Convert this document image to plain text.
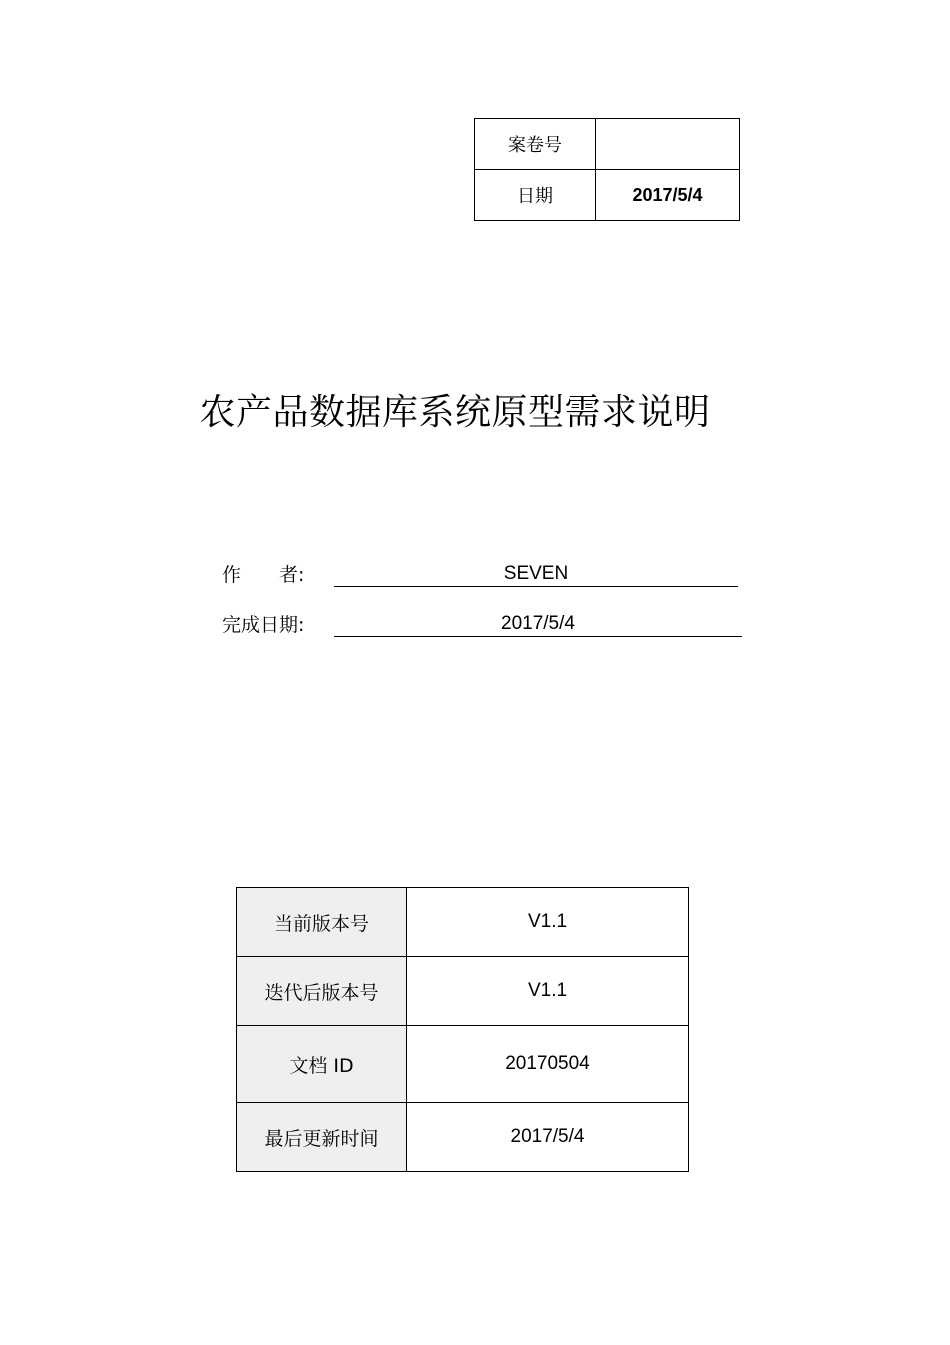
案卷号	
日期	2017/5/4
农产品数据库系统原型需求说明
作　　者:	SEVEN
完成日期:	2017/5/4
当前版本号	V1.1
迭代后版本号	V1.1
文档 ID	20170504
最后更新时间	2017/5/4
